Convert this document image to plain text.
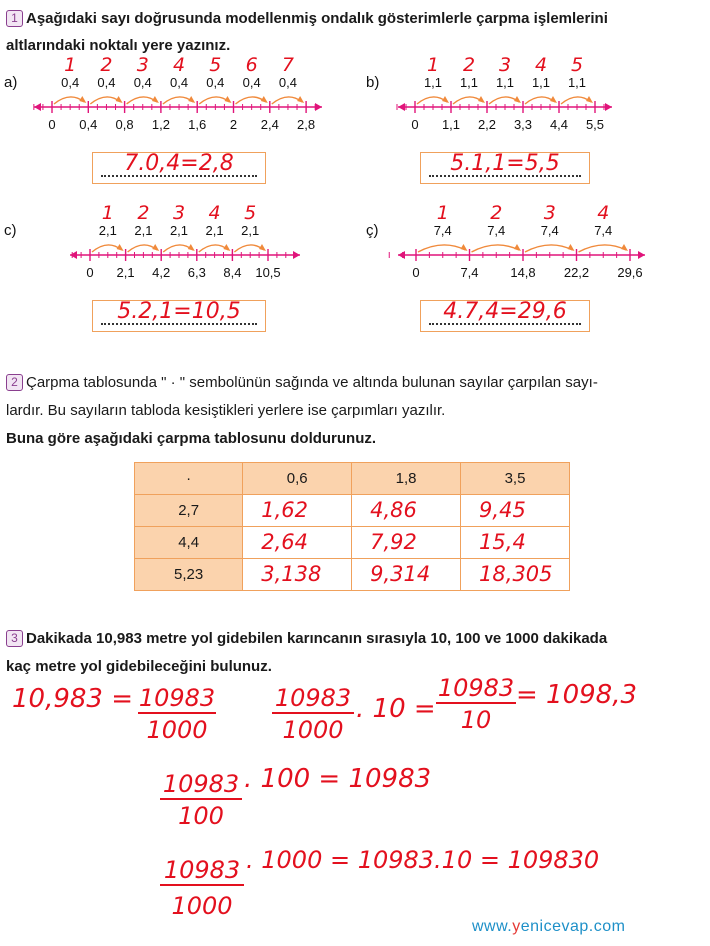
1 Aşağıdaki sayı doğrusunda modellenmiş ondalık gösterimlerle çarpma işlemlerini
altlarındaki noktalı yere yazınız.
a)
0 0,4 0,8 1,2 1,6 2 2,4 2,8
0,4
1
0,4
2
0,4
3
0,4
4
0,4
5
0,4
6
0,4
7
b)
0 1,1 2,2 3,3 4,4 5,5
1,1
1
1,1
2
1,1
3
1,1
4
1,1
5
c)
0 2,1 4,2 6,3 8,4 10,5
2,1
1
2,1
2
2,1
3
2,1
4
2,1
5
ç)
0	7,4 14,8 22,2 29,6
7,4
1
7,4
2
7,4
3
7,4
4
7.0,4=2,8	5.1,1=5,5
5.2,1=10,5	4.7,4=29,6
2 Çarpma tablosunda " · " sembolünün sağında ve altında bulunan sayılar çarpılan sayı-
lardır. Bu sayıların tabloda kesiştikleri yerlere ise çarpımları yazılır.
Buna göre aşağıdaki çarpma tablosunu doldurunuz.
·	0,6	1,8	3,5
2,7	1,62	4,86	9,45

4,4	2,64	7,92	15,4

5,23	3,138	9,314	18,305
3 Dakikada 10,983 metre yol gidebilen karıncanın sırasıyla 10, 100 ve 1000 dakikada
kaç metre yol gidebileceğini bulunuz.
10,983 = 10983
1000
10983
1000
. 10 =
10983
10
= 1098,3
10983
100
. 100 = 10983
10983
1000
. 1000 = 10983.10 = 109830
www.yenicevap.com
